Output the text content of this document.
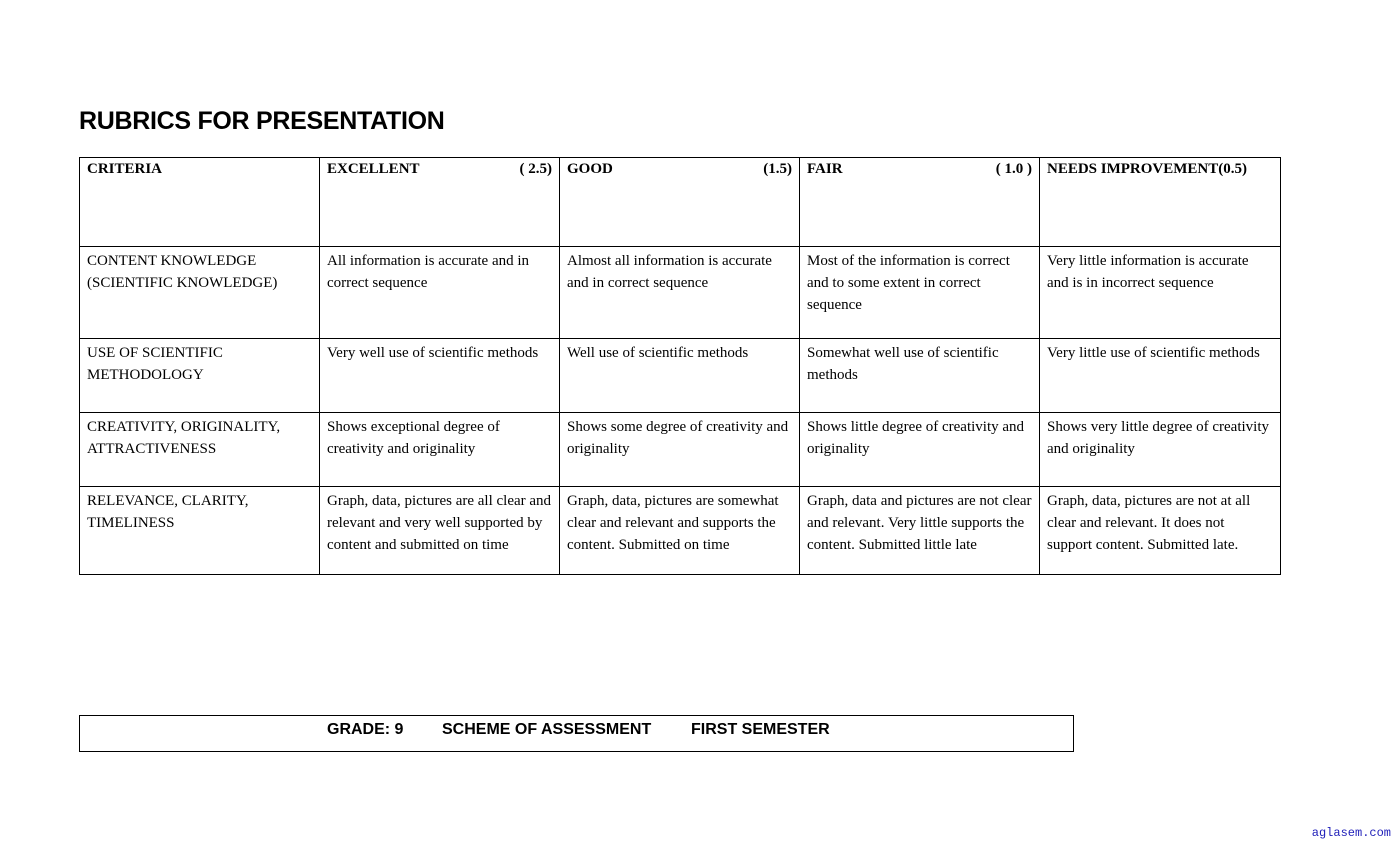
RUBRICS FOR PRESENTATION
CRITERIA	EXCELLENT ( 2.5)	GOOD (1.5)	FAIR ( 1.0 )	NEEDS IMPROVEMENT(0.5)

CONTENT KNOWLEDGE (SCIENTIFIC KNOWLEDGE)	All information is accurate and in correct sequence	Almost all information is accurate and in correct sequence	Most of the information is correct and to some extent in correct sequence	Very little information is accurate and is in incorrect sequence
USE OF SCIENTIFIC METHODOLOGY	Very well use of scientific methods	Well use of scientific methods	Somewhat well use of scientific methods	Very little use of scientific methods
CREATIVITY, ORIGINALITY, ATTRACTIVENESS	Shows exceptional degree of creativity and originality	Shows some degree of creativity and originality	Shows little degree of creativity and originality	Shows very little degree of creativity and originality
RELEVANCE, CLARITY, TIMELINESS	Graph, data, pictures are all clear and relevant and very well supported by content and submitted on time	Graph, data, pictures are somewhat clear and relevant and supports the content. Submitted on time	Graph, data and pictures are not clear and relevant. Very little supports the content. Submitted little late	Graph, data, pictures are not at all clear and relevant. It does not support content. Submitted late.
GRADE: 9 SCHEME OF ASSESSMENT FIRST SEMESTER
aglasem.com
